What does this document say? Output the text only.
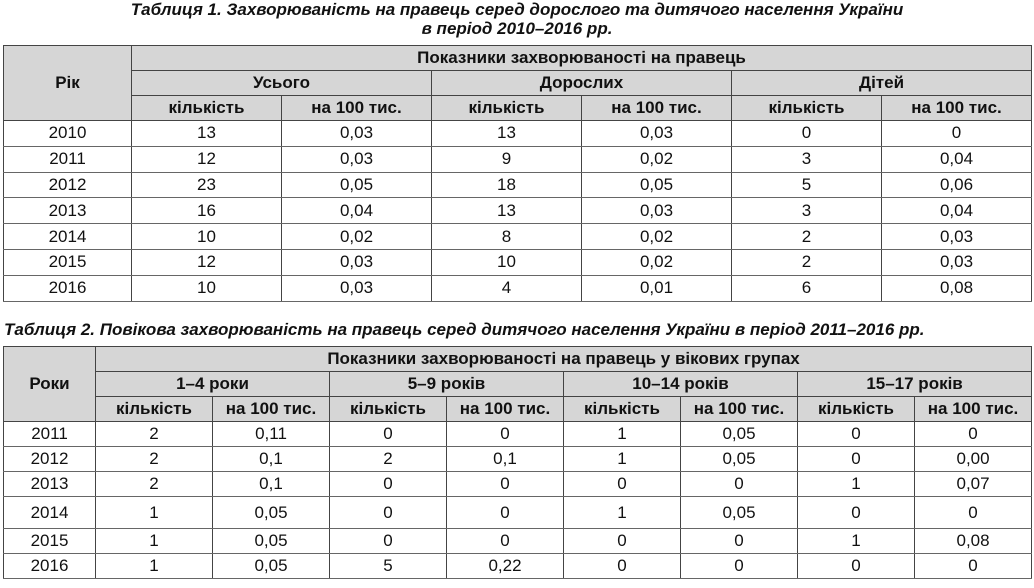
Таблиця 1. Захворюваність на правець серед дорослого та дитячого населення України
в період 2010–2016 рр.
Рік	Показники захворюваності на правець					
	Усього		Дорослих		Дітей	
	кількість	на 100 тис.	кількість	на 100 тис.	кількість	на 100 тис.
2010	13	0,03	13	0,03	0	0
2011	12	0,03	9	0,02	3	0,04
2012	23	0,05	18	0,05	5	0,06
2013	16	0,04	13	0,03	3	0,04
2014	10	0,02	8	0,02	2	0,03
2015	12	0,03	10	0,02	2	0,03
2016	10	0,03	4	0,01	6	0,08
Таблиця 2. Повікова захворюваність на правець серед дитячого населення України в період 2011–2016 рр.
Роки	Показники захворюваності на правець у вікових групах							
	1–4 роки		5–9 років		10–14 років		15–17 років	
	кількість	на 100 тис.	кількість	на 100 тис.	кількість	на 100 тис.	кількість	на 100 тис.
2011	2	0,11	0	0	1	0,05	0	0
2012	2	0,1	2	0,1	1	0,05	0	0,00
2013	2	0,1	0	0	0	0	1	0,07
2014	1	0,05	0	0	1	0,05	0	0
2015	1	0,05	0	0	0	0	1	0,08
2016	1	0,05	5	0,22	0	0	0	0
